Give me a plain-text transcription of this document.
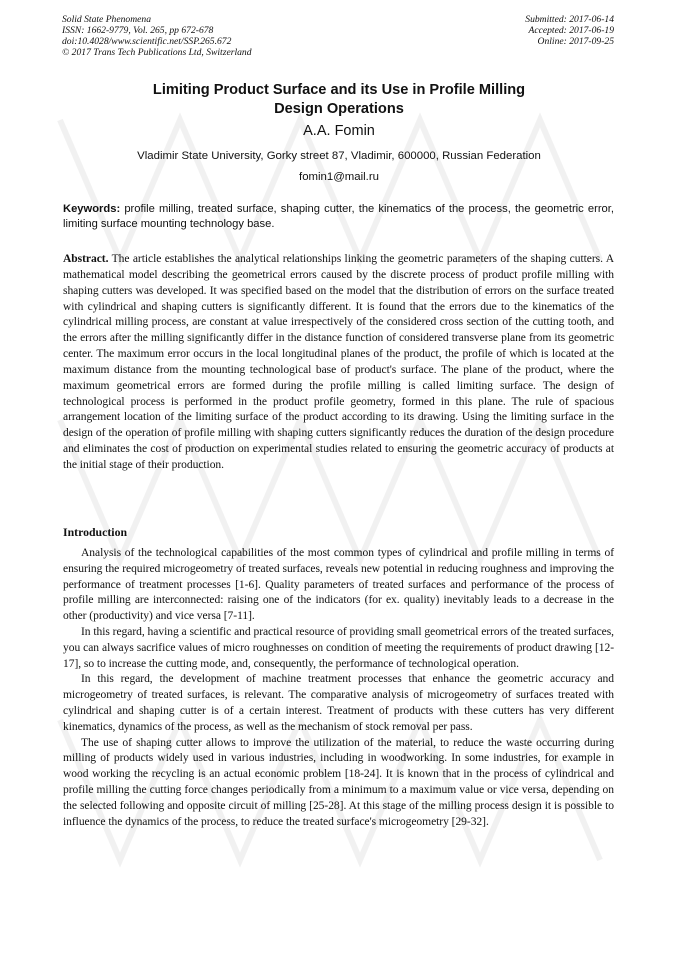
Solid State Phenomena
ISSN: 1662-9779, Vol. 265, pp 672-678
doi:10.4028/www.scientific.net/SSP.265.672
© 2017 Trans Tech Publications Ltd, Switzerland
Submitted: 2017-06-14
Accepted: 2017-06-19
Online: 2017-09-25
Limiting Product Surface and its Use in Profile Milling
Design Operations
A.A. Fomin
Vladimir State University, Gorky street 87, Vladimir, 600000, Russian Federation
fomin1@mail.ru
Keywords: profile milling, treated surface, shaping cutter, the kinematics of the process, the geometric error, limiting surface mounting technology base.
Abstract. The article establishes the analytical relationships linking the geometric parameters of the shaping cutters. A mathematical model describing the geometrical errors caused by the discrete process of product profile milling with shaping cutters was developed. It was specified based on the model that the distribution of errors on the surface treated with cylindrical and shaping cutters is significantly different. It is found that the errors due to the kinematics of the cylindrical milling process, are constant at value irrespectively of the considered cross section of the cutting tooth, and the errors after the milling significantly differ in the distance function of considered transverse plane from its geometric center. The maximum error occurs in the local longitudinal planes of the product, the profile of which is located at the maximum distance from the mounting technological base of product's surface. The plane of the product, where the maximum geometrical errors are formed during the profile milling is called limiting surface. The design of technological process is performed in the product profile geometry, formed in this plane. The rule of spacious arrangement location of the limiting surface of the product according to its drawing. Using the limiting surface in the design of the operation of profile milling with shaping cutters significantly reduces the duration of the design procedure and eliminates the cost of production on experimental studies related to ensuring the geometric accuracy of products at the initial stage of their production.
Introduction

Analysis of the technological capabilities of the most common types of cylindrical and profile milling in terms of ensuring the required microgeometry of treated surfaces, reveals new potential in reducing roughness and improving the performance of treatment processes [1-6]. Quality parameters of treated surfaces and performance of the process of profile milling are interconnected: raising one of the indicators (for ex. quality) inevitably leads to a decrease in the other (productivity) and vice versa [7-11].

In this regard, having a scientific and practical resource of providing small geometrical errors of the treated surfaces, you can always sacrifice values of micro roughnesses on condition of meeting the requirements of product drawing [12-17], so to increase the cutting mode, and, consequently, the performance of technological operation.

In this regard, the development of machine treatment processes that enhance the geometric accuracy and microgeometry of treated surfaces, is relevant. The comparative analysis of microgeometry of surfaces treated with cylindrical and shaping cutter is of a certain interest. Treatment of products with these cutters has very different kinematics, dynamics of the process, as well as the mechanism of stock removal per pass.

The use of shaping cutter allows to improve the utilization of the material, to reduce the waste occurring during milling of products widely used in various industries, including in woodworking. In some industries, for example in wood working the recycling is an actual economic problem [18-24]. It is known that in the process of cylindrical and profile milling the cutting force changes periodically from a minimum to a maximum value or vice versa, depending on the selected following and opposite circuit of milling [25-28]. At this stage of the milling process design it is possible to influence the dynamics of the process, to reduce the treated surface's microgeometry [29-32].
